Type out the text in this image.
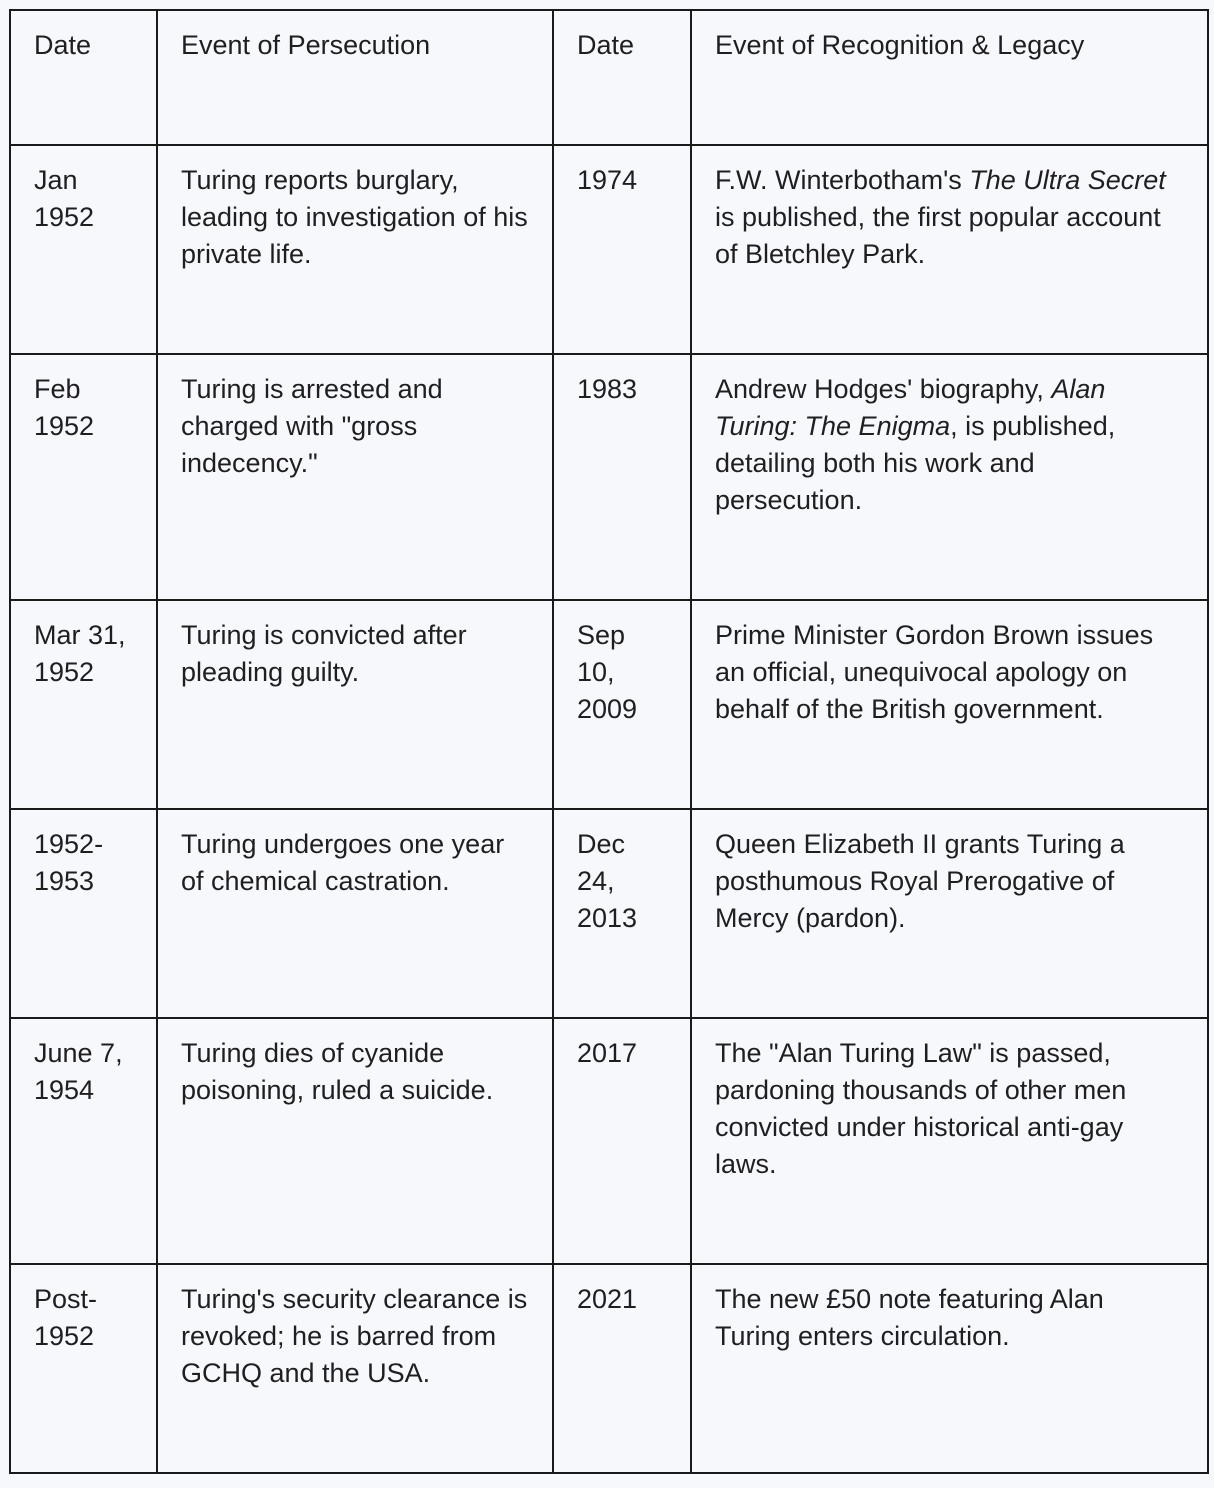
Date	Event of Persecution	Date	Event of Recognition & Legacy
Jan 1952	Turing reports burglary, leading to investigation of his private life.	1974	F.W. Winterbotham's The Ultra Secret is published, the first popular account of Bletchley Park.
Feb 1952	Turing is arrested and charged with "gross indecency."	1983	Andrew Hodges' biography, Alan Turing: The Enigma, is published, detailing both his work and persecution.
Mar 31, 1952	Turing is convicted after pleading guilty.	Sep 10, 2009	Prime Minister Gordon Brown issues an official, unequivocal apology on behalf of the British government.
1952-1953	Turing undergoes one year of chemical castration.	Dec 24, 2013	Queen Elizabeth II grants Turing a posthumous Royal Prerogative of Mercy (pardon).
June 7, 1954	Turing dies of cyanide poisoning, ruled a suicide.	2017	The "Alan Turing Law" is passed, pardoning thousands of other men convicted under historical anti-gay laws.
Post-1952	Turing's security clearance is revoked; he is barred from GCHQ and the USA.	2021	The new £50 note featuring Alan Turing enters circulation.
